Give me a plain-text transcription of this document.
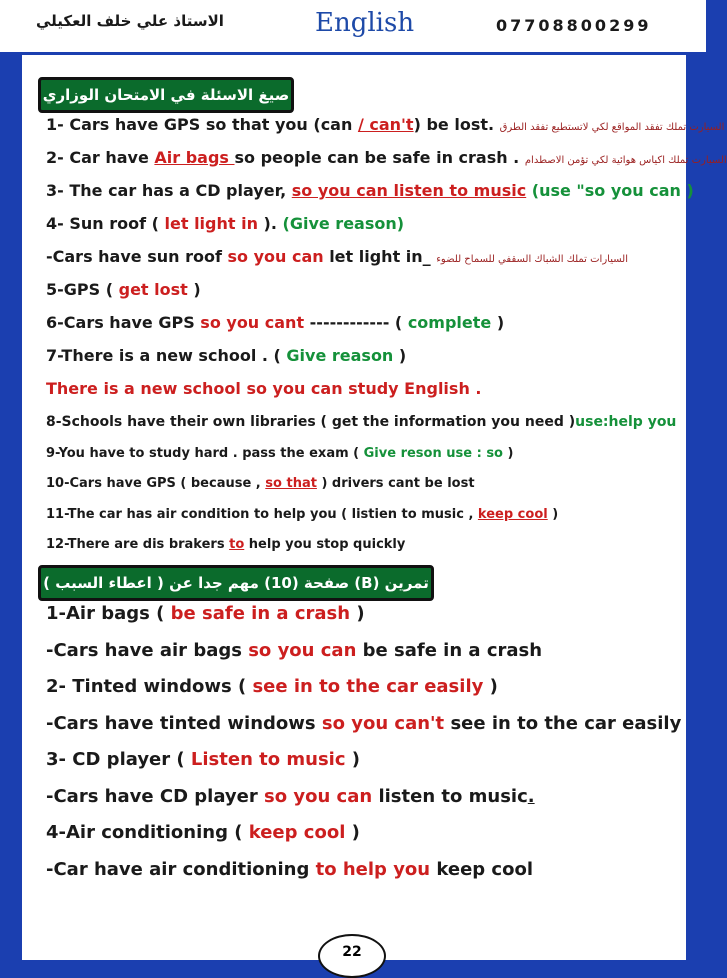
الاستاذ علي خلف العكيلي	English	07708800299
صيغ الاسئلة في الامتحان الوزاري
1- Cars have GPS so that you (can / can't) be lost. السيارت تملك تفقد المواقع لكي لاتستطيع تفقد الطرق
2- Car have Air bags so people can be safe in crash . السيارت تملك اكياس هوائية لكي تؤمن الاصطدام
3- The car has a CD player, so you can listen to music (use "so you can )
4- Sun roof ( let light in ). (Give reason)
-Cars have sun roof so you can let light in_ السيارات تملك الشباك السقفي للسماح للضوء
5-GPS ( get lost )
6-Cars have GPS so you cant ------------ ( complete )
7-There is a new school . ( Give reason )
There is a new school so you can study English .
8-Schools have their own libraries ( get the information you need )use:help you
9-You have to study hard . pass the exam ( Give reson use : so )
10-Cars have GPS ( because , so that ) drivers cant be lost
11-The car has air condition to help you ( listien to music , keep cool )
12-There are dis brakers to help you stop quickly
تمرين (B) صفحة (10) مهم جدا عن ( اعطاء السبب )
1-Air bags ( be safe in a crash )
-Cars have air bags so you can be safe in a crash
2- Tinted windows ( see in to the car easily )
-Cars have tinted windows so you can't see in to the car easily
3- CD player ( Listen to music )
-Cars have CD player so you can listen to music.
4-Air conditioning ( keep cool )
-Car have air conditioning to help you keep cool
22
